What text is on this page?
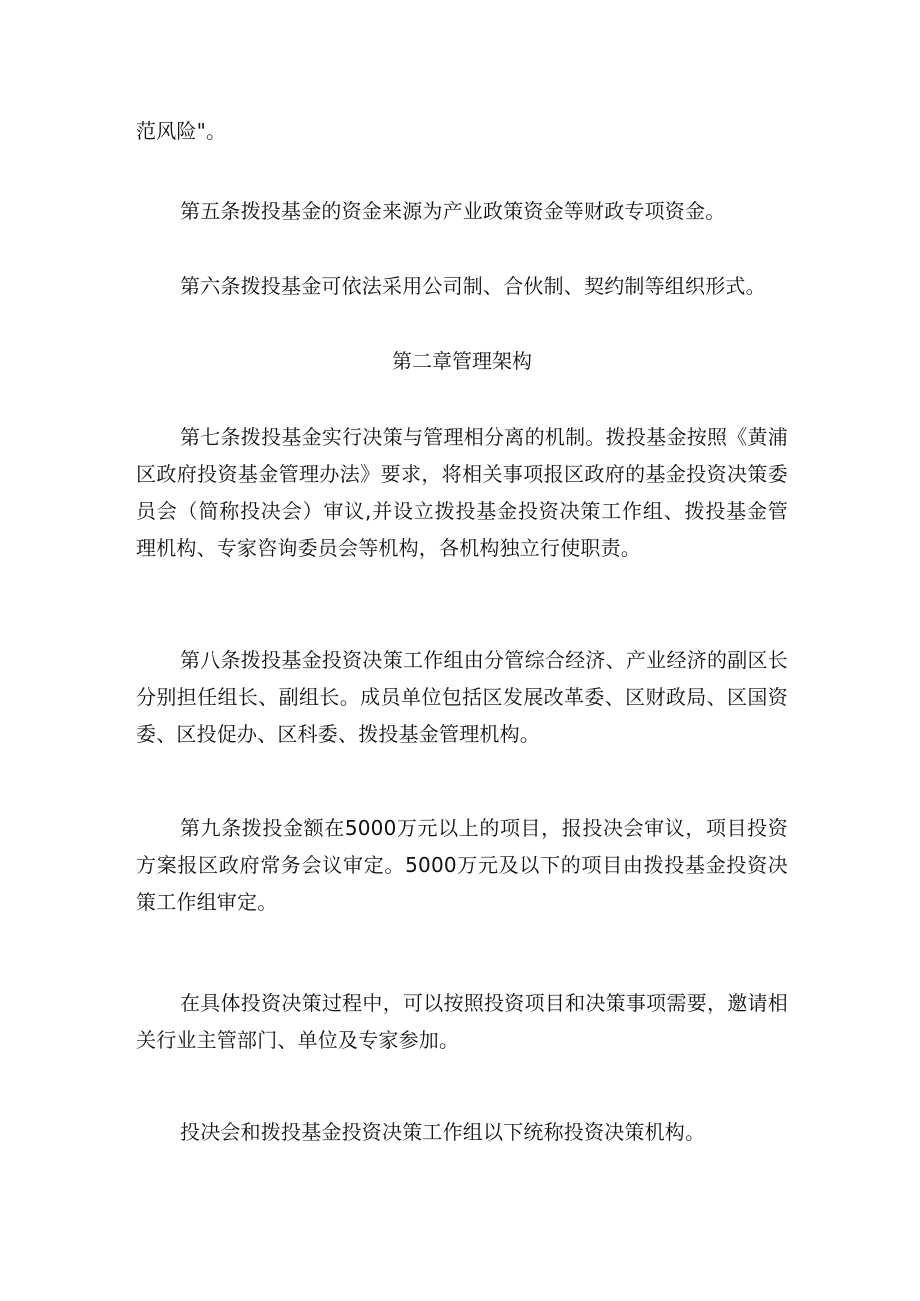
范风险"。

第五条拨投基金的资金来源为产业政策资金等财政专项资金。

第六条拨投基金可依法采用公司制、合伙制、契约制等组织形式。

第二章管理架构

第七条拨投基金实行决策与管理相分离的机制。拨投基金按照《黄浦区政府投资基金管理办法》要求，将相关事项报区政府的基金投资决策委员会（简称投决会）审议,并设立拨投基金投资决策工作组、拨投基金管理机构、专家咨询委员会等机构，各机构独立行使职责。

第八条拨投基金投资决策工作组由分管综合经济、产业经济的副区长分别担任组长、副组长。成员单位包括区发展改革委、区财政局、区国资委、区投促办、区科委、拨投基金管理机构。

第九条拨投金额在5000万元以上的项目，报投决会审议，项目投资方案报区政府常务会议审定。5000万元及以下的项目由拨投基金投资决策工作组审定。

在具体投资决策过程中，可以按照投资项目和决策事项需要，邀请相关行业主管部门、单位及专家参加。

投决会和拨投基金投资决策工作组以下统称投资决策机构。
